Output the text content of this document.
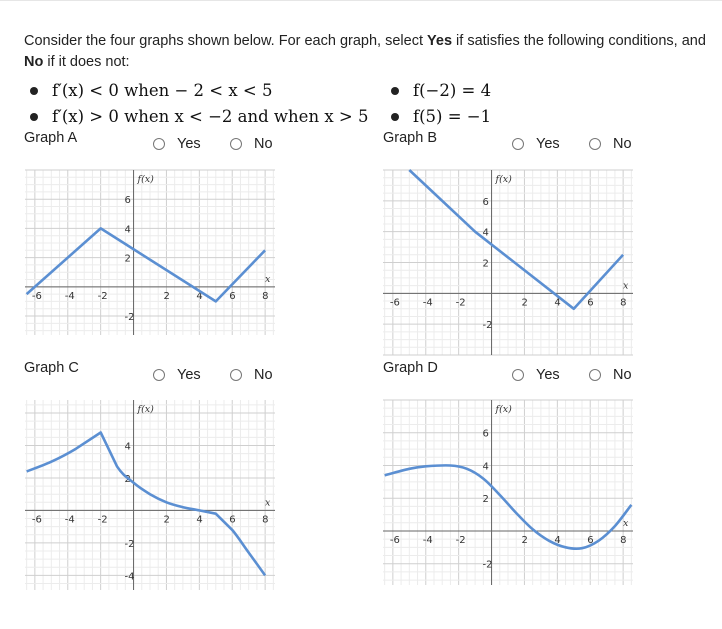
Consider the four graphs shown below. For each graph, select Yes if satisfies the following conditions, and No if it does not:
f′(x) < 0 when − 2 < x < 5
f′(x) > 0 when x < −2 and when x > 5
f(−2) = 4
f(5) = −1
Graph A	Yes	No	Graph B	Yes	No
Graph C	Yes	No	Graph D	Yes	No
-6 -4 -2	2	4	6	8
6
4
2
-2
f(x)
x
-6 -4 -2	2	4	6	8
6
4
2
-2
f(x)
x
-6 -4 -2	2	4	6	8
4
2
-2
-4
f(x)
x
-6 -4 -2	2	4	6	8
6
4
2
-2
f(x)
x
